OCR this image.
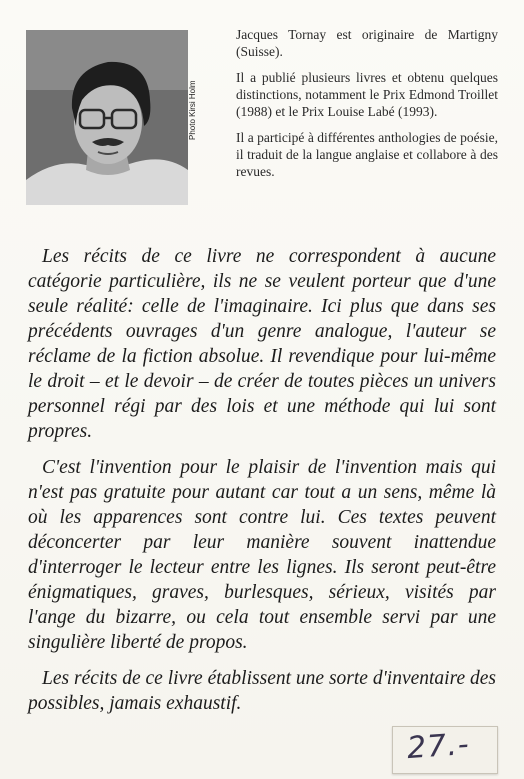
Photo Kirsi Holm

Jacques Tornay est originaire de Martigny (Suisse).

Il a publié plusieurs livres et obtenu quelques distinctions, notamment le Prix Edmond Troillet (1988) et le Prix Louise Labé (1993).

Il a participé à différentes anthologies de poésie, il traduit de la langue anglaise et collabore à des revues.

Les récits de ce livre ne correspondent à aucune catégorie particulière, ils ne se veulent porteur que d'une seule réalité: celle de l'imaginaire. Ici plus que dans ses précédents ouvrages d'un genre analogue, l'auteur se réclame de la fiction absolue. Il revendique pour lui-même le droit – et le devoir – de créer de toutes pièces un univers personnel régi par des lois et une méthode qui lui sont propres.

C'est l'invention pour le plaisir de l'invention mais qui n'est pas gratuite pour autant car tout a un sens, même là où les apparences sont contre lui. Ces textes peuvent déconcerter par leur manière souvent inattendue d'interroger le lecteur entre les lignes. Ils seront peut-être énigmatiques, graves, burlesques, sérieux, visités par l'ange du bizarre, ou cela tout ensemble servi par une singulière liberté de propos.

Les récits de ce livre établissent une sorte d'inventaire des possibles, jamais exhaustif.

27.-
